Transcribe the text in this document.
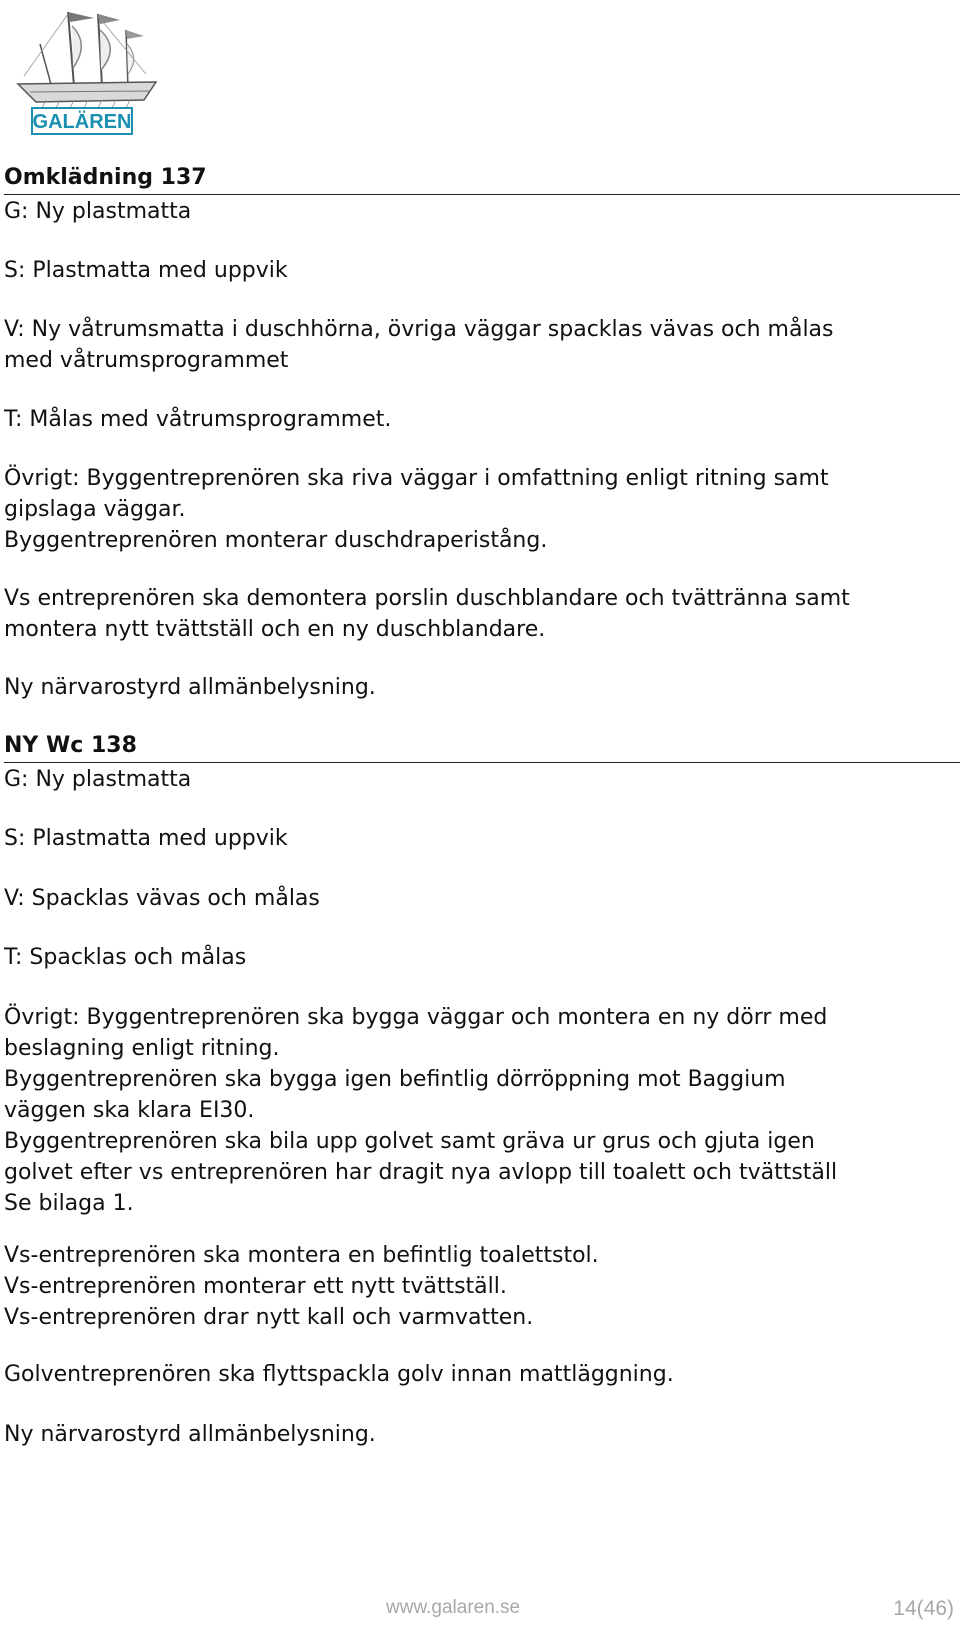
GALÄREN
Omklädning 137
G: Ny plastmatta
S: Plastmatta med uppvik
V: Ny våtrumsmatta i duschhörna, övriga väggar spacklas vävas och målas
med våtrumsprogrammet
T: Målas med våtrumsprogrammet.
Övrigt: Byggentreprenören ska riva väggar i omfattning enligt ritning samt
gipslaga väggar.
Byggentreprenören monterar duschdraperistång.
Vs entreprenören ska demontera porslin duschblandare och tvättränna samt
montera nytt tvättställ och en ny duschblandare.
Ny närvarostyrd allmänbelysning.
NY Wc 138
G: Ny plastmatta
S: Plastmatta med uppvik
V: Spacklas vävas och målas
T: Spacklas och målas
Övrigt: Byggentreprenören ska bygga väggar och montera en ny dörr med
beslagning enligt ritning.
Byggentreprenören ska bygga igen befintlig dörröppning mot Baggium
väggen ska klara EI30.
Byggentreprenören ska bila upp golvet samt gräva ur grus och gjuta igen
golvet efter vs entreprenören har dragit nya avlopp till toalett och tvättställ
Se bilaga 1.
Vs-entreprenören ska montera en befintlig toalettstol.
Vs-entreprenören monterar ett nytt tvättställ.
Vs-entreprenören drar nytt kall och varmvatten.
Golventreprenören ska flyttspackla golv innan mattläggning.
Ny närvarostyrd allmänbelysning.
www.galaren.se	14(46)
